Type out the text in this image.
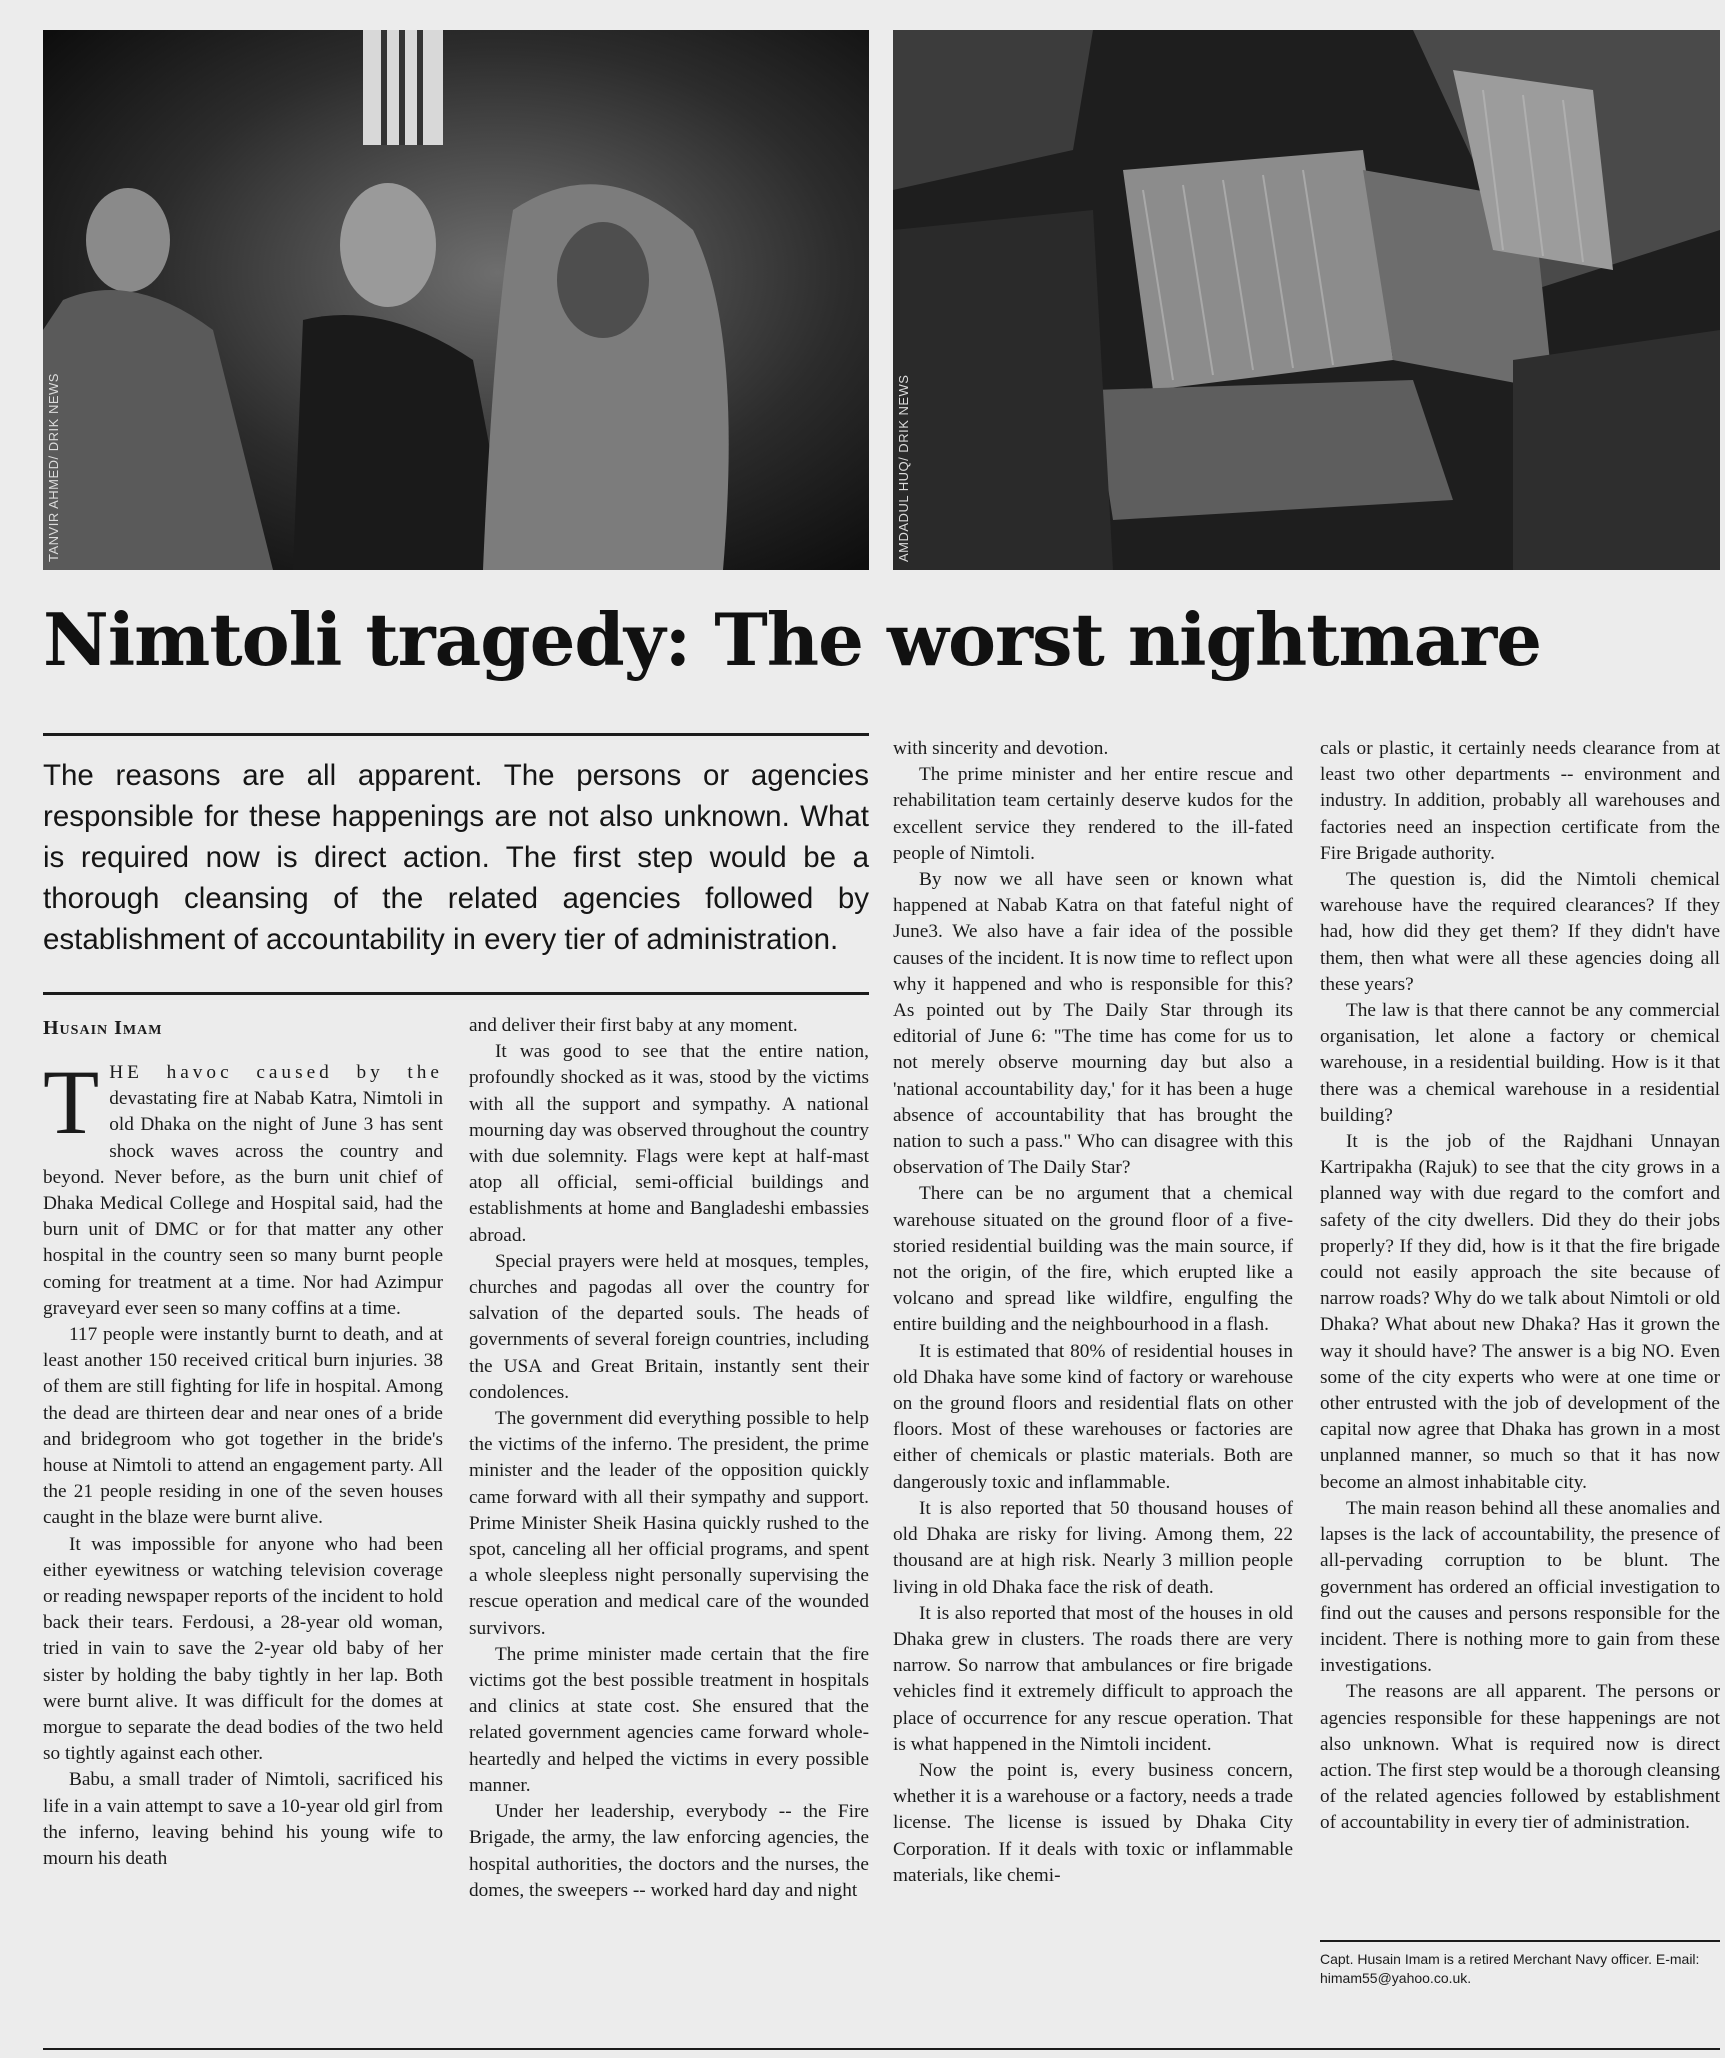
TANVIR AHMED/ DRIK NEWS	AMDADUL HUQ/ DRIK NEWS
Nimtoli tragedy: The worst nightmare

The reasons are all apparent. The persons or agencies responsible for these happenings are not also unknown. What is required now is direct action. The first step would be a thorough cleansing of the related agencies followed by establishment of accountability in every tier of administration.

Husain Imam

THE havoc caused by the devastating fire at Nabab Katra, Nimtoli in old Dhaka on the night of June 3 has sent shock waves across the country and beyond. Never before, as the burn unit chief of Dhaka Medical College and Hospital said, had the burn unit of DMC or for that matter any other hospital in the country seen so many burnt people coming for treatment at a time. Nor had Azimpur graveyard ever seen so many coffins at a time.

117 people were instantly burnt to death, and at least another 150 received critical burn injuries. 38 of them are still fighting for life in hospital. Among the dead are thirteen dear and near ones of a bride and bridegroom who got together in the bride's house at Nimtoli to attend an engagement party. All the 21 people residing in one of the seven houses caught in the blaze were burnt alive.

It was impossible for anyone who had been either eyewitness or watching television coverage or reading newspaper reports of the incident to hold back their tears. Ferdousi, a 28-year old woman, tried in vain to save the 2-year old baby of her sister by holding the baby tightly in her lap. Both were burnt alive. It was difficult for the domes at morgue to separate the dead bodies of the two held so tightly against each other.

Babu, a small trader of Nimtoli, sacrificed his life in a vain attempt to save a 10-year old girl from the inferno, leaving behind his young wife to mourn his death

and deliver their first baby at any moment.

It was good to see that the entire nation, profoundly shocked as it was, stood by the victims with all the support and sympathy. A national mourning day was observed throughout the country with due solemnity. Flags were kept at half-mast atop all official, semi-official buildings and establishments at home and Bangladeshi embassies abroad.

Special prayers were held at mosques, temples, churches and pagodas all over the country for salvation of the departed souls. The heads of governments of several foreign countries, including the USA and Great Britain, instantly sent their condolences.

The government did everything possible to help the victims of the inferno. The president, the prime minister and the leader of the opposition quickly came forward with all their sympathy and support. Prime Minister Sheik Hasina quickly rushed to the spot, canceling all her official programs, and spent a whole sleepless night personally supervising the rescue operation and medical care of the wounded survivors.

The prime minister made certain that the fire victims got the best possible treatment in hospitals and clinics at state cost. She ensured that the related government agencies came forward whole-heartedly and helped the victims in every possible manner.

Under her leadership, everybody -- the Fire Brigade, the army, the law enforcing agencies, the hospital authorities, the doctors and the nurses, the domes, the sweepers -- worked hard day and night

with sincerity and devotion.

The prime minister and her entire rescue and rehabilitation team certainly deserve kudos for the excellent service they rendered to the ill-fated people of Nimtoli.

By now we all have seen or known what happened at Nabab Katra on that fateful night of June3. We also have a fair idea of the possible causes of the incident. It is now time to reflect upon why it happened and who is responsible for this? As pointed out by The Daily Star through its editorial of June 6: "The time has come for us to not merely observe mourning day but also a 'national accountability day,' for it has been a huge absence of accountability that has brought the nation to such a pass." Who can disagree with this observation of The Daily Star?

There can be no argument that a chemical warehouse situated on the ground floor of a five-storied residential building was the main source, if not the origin, of the fire, which erupted like a volcano and spread like wildfire, engulfing the entire building and the neighbourhood in a flash.

It is estimated that 80% of residential houses in old Dhaka have some kind of factory or warehouse on the ground floors and residential flats on other floors. Most of these warehouses or factories are either of chemicals or plastic materials. Both are dangerously toxic and inflammable.

It is also reported that 50 thousand houses of old Dhaka are risky for living. Among them, 22 thousand are at high risk. Nearly 3 million people living in old Dhaka face the risk of death.

It is also reported that most of the houses in old Dhaka grew in clusters. The roads there are very narrow. So narrow that ambulances or fire brigade vehicles find it extremely difficult to approach the place of occurrence for any rescue operation. That is what happened in the Nimtoli incident.

Now the point is, every business concern, whether it is a warehouse or a factory, needs a trade license. The license is issued by Dhaka City Corporation. If it deals with toxic or inflammable materials, like chemi-

cals or plastic, it certainly needs clearance from at least two other departments -- environment and industry. In addition, probably all warehouses and factories need an inspection certificate from the Fire Brigade authority.

The question is, did the Nimtoli chemical warehouse have the required clearances? If they had, how did they get them? If they didn't have them, then what were all these agencies doing all these years?

The law is that there cannot be any commercial organisation, let alone a factory or chemical warehouse, in a residential building. How is it that there was a chemical warehouse in a residential building?

It is the job of the Rajdhani Unnayan Kartripakha (Rajuk) to see that the city grows in a planned way with due regard to the comfort and safety of the city dwellers. Did they do their jobs properly? If they did, how is it that the fire brigade could not easily approach the site because of narrow roads? Why do we talk about Nimtoli or old Dhaka? What about new Dhaka? Has it grown the way it should have? The answer is a big NO. Even some of the city experts who were at one time or other entrusted with the job of development of the capital now agree that Dhaka has grown in a most unplanned manner, so much so that it has now become an almost inhabitable city.

The main reason behind all these anomalies and lapses is the lack of accountability, the presence of all-pervading corruption to be blunt. The government has ordered an official investigation to find out the causes and persons responsible for the incident. There is nothing more to gain from these investigations.

The reasons are all apparent. The persons or agencies responsible for these happenings are not also unknown. What is required now is direct action. The first step would be a thorough cleansing of the related agencies followed by establishment of accountability in every tier of administration.

Capt. Husain Imam is a retired Merchant Navy officer. E-mail: himam55@yahoo.co.uk.
